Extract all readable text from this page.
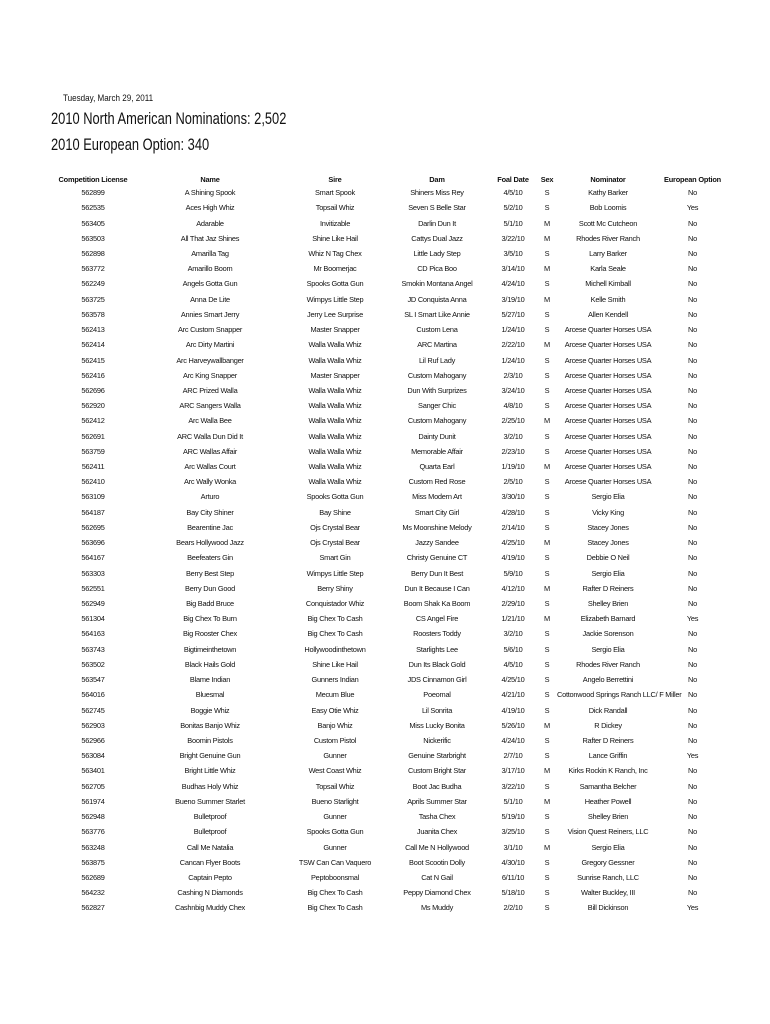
Tuesday, March 29, 2011
2010 North American Nominations: 2,502
2010 European Option: 340
Competition License	Name	Sire	Dam	Foal Date	Sex	Nominator	European Option
562899	A Shining Spook	Smart Spook	Shiners Miss Rey	4/5/10	S	Kathy Barker	No
562535	Aces High Whiz	Topsail Whiz	Seven S Belle Star	5/2/10	S	Bob Loomis	Yes
563405	Adarable	Invitizable	Darlin Dun It	5/1/10	M	Scott Mc Cutcheon	No
563503	All That Jaz Shines	Shine Like Hail	Cattys Dual Jazz	3/22/10	M	Rhodes River Ranch	No
562898	Amarilla Tag	Whiz N Tag Chex	Little Lady Step	3/5/10	S	Larry Barker	No
563772	Amarillo Boom	Mr Boomerjac	CD Pica Boo	3/14/10	M	Karla Seale	No
562249	Angels Gotta Gun	Spooks Gotta Gun	Smokin Montana Angel	4/24/10	S	Michell Kimball	No
563725	Anna De Lite	Wimpys Little Step	JD Conquista Anna	3/19/10	M	Kelle Smith	No
563578	Annies Smart Jerry	Jerry Lee Surprise	SL I Smart Like Annie	5/27/10	S	Allen Kendell	No
562413	Arc Custom Snapper	Master Snapper	Custom Lena	1/24/10	S	Arcese Quarter Horses USA	No
562414	Arc Dirty Martini	Walla Walla Whiz	ARC Martina	2/22/10	M	Arcese Quarter Horses USA	No
562415	Arc Harveywallbanger	Walla Walla Whiz	Lil Ruf Lady	1/24/10	S	Arcese Quarter Horses USA	No
562416	Arc King Snapper	Master Snapper	Custom Mahogany	2/3/10	S	Arcese Quarter Horses USA	No
562696	ARC Prized Walla	Walla Walla Whiz	Dun With Surprizes	3/24/10	S	Arcese Quarter Horses USA	No
562920	ARC Sangers Walla	Walla Walla Whiz	Sanger Chic	4/8/10	S	Arcese Quarter Horses USA	No
562412	Arc Walla Bee	Walla Walla Whiz	Custom Mahogany	2/25/10	M	Arcese Quarter Horses USA	No
562691	ARC Walla Dun Did It	Walla Walla Whiz	Dainty Dunit	3/2/10	S	Arcese Quarter Horses USA	No
563759	ARC Wallas Affair	Walla Walla Whiz	Memorable Affair	2/23/10	S	Arcese Quarter Horses USA	No
562411	Arc Wallas Court	Walla Walla Whiz	Quarta Earl	1/19/10	M	Arcese Quarter Horses USA	No
562410	Arc Wally Wonka	Walla Walla Whiz	Custom Red Rose	2/5/10	S	Arcese Quarter Horses USA	No
563109	Arturo	Spooks Gotta Gun	Miss Modern Art	3/30/10	S	Sergio Elia	No
564187	Bay City Shiner	Bay Shine	Smart City Girl	4/28/10	S	Vicky King	No
562695	Bearentine Jac	Ojs Crystal Bear	Ms Moonshine Melody	2/14/10	S	Stacey Jones	No
563696	Bears Hollywood Jazz	Ojs Crystal Bear	Jazzy Sandee	4/25/10	M	Stacey Jones	No
564167	Beefeaters Gin	Smart Gin	Christy Genuine CT	4/19/10	S	Debbie O Neil	No
563303	Berry Best Step	Wimpys Little Step	Berry Dun It Best	5/9/10	S	Sergio Elia	No
562551	Berry Dun Good	Berry Shiny	Dun It Because I Can	4/12/10	M	Rafter D Reiners	No
562949	Big Badd Bruce	Conquistador Whiz	Boom Shak Ka Boom	2/29/10	S	Shelley Brien	No
561304	Big Chex To Burn	Big Chex To Cash	CS Angel Fire	1/21/10	M	Elizabeth Barnard	Yes
564163	Big Rooster Chex	Big Chex To Cash	Roosters Toddy	3/2/10	S	Jackie Sorenson	No
563743	Bigtimeinthetown	Hollywoodinthetown	Starlights Lee	5/6/10	S	Sergio Elia	No
563502	Black Hails Gold	Shine Like Hail	Dun Its Black Gold	4/5/10	S	Rhodes River Ranch	No
563547	Blame Indian	Gunners Indian	JDS Cinnamon Girl	4/25/10	S	Angelo Berrettini	No
564016	Bluesmal	Mecum Blue	Poeomal	4/21/10	S	Cottonwood Springs Ranch LLC/ F Miller	No
562745	Boggie Whiz	Easy Otie Whiz	Lil Sonrita	4/19/10	S	Dick Randall	No
562903	Bonitas Banjo Whiz	Banjo Whiz	Miss Lucky Bonita	5/26/10	M	R Dickey	No
562966	Boomin Pistols	Custom Pistol	Nickerific	4/24/10	S	Rafter D Reiners	No
563084	Bright Genuine Gun	Gunner	Genuine Starbright	2/7/10	S	Lance Griffin	Yes
563401	Bright Little Whiz	West Coast Whiz	Custom Bright Star	3/17/10	M	Kirks Rockin K Ranch, Inc	No
562705	Budhas Holy Whiz	Topsail Whiz	Boot Jac Budha	3/22/10	S	Samantha Belcher	No
561974	Bueno Summer Starlet	Bueno Starlight	Aprils Summer Star	5/1/10	M	Heather Powell	No
562948	Bulletproof	Gunner	Tasha Chex	5/19/10	S	Shelley Brien	No
563776	Bulletproof	Spooks Gotta Gun	Juanita Chex	3/25/10	S	Vision Quest Reiners, LLC	No
563248	Call Me Natalia	Gunner	Call Me N Hollywood	3/1/10	M	Sergio Elia	No
563875	Cancan Flyer Boots	TSW Can Can Vaquero	Boot Scootin Dolly	4/30/10	S	Gregory Gessner	No
562689	Captain Pepto	Peptoboonsmal	Cat N Gail	6/11/10	S	Sunrise Ranch, LLC	No
564232	Cashing N Diamonds	Big Chex To Cash	Peppy Diamond Chex	5/18/10	S	Walter Buckley, III	No
562827	Cashnbig Muddy Chex	Big Chex To Cash	Ms Muddy	2/2/10	S	Bill Dickinson	Yes
